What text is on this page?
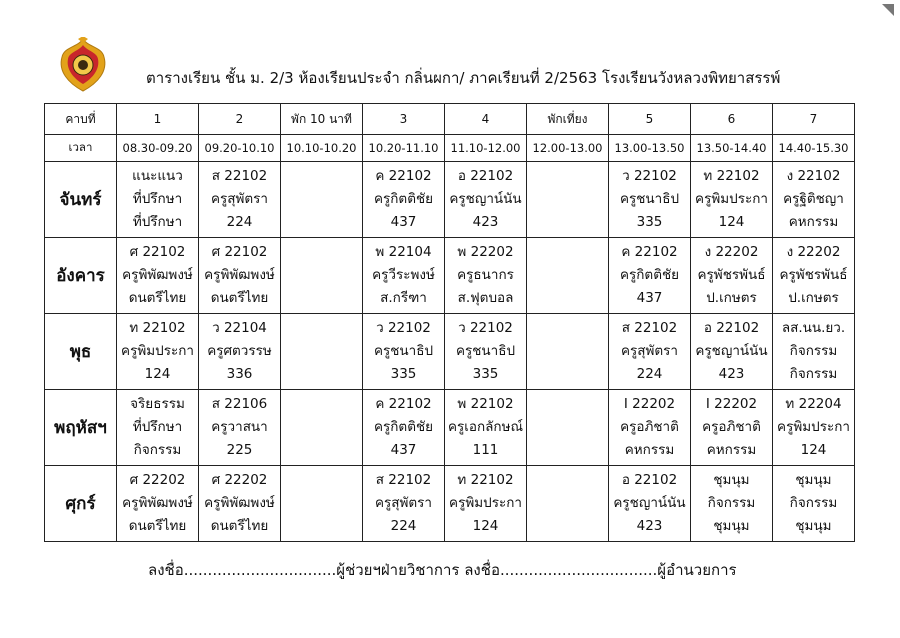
ตารางเรียน ชั้น ม. 2/3 ห้องเรียนประจำ กลิ่นผกา/ ภาคเรียนที่ 2/2563 โรงเรียนวังหลวงพิทยาสรรพ์
คาบที่	1	2	พัก 10 นาที	3	4	พักเที่ยง	5	6	7
เวลา	08.30-09.20	09.20-10.10	10.10-10.20	10.20-11.10	11.10-12.00	12.00-13.00	13.00-13.50	13.50-14.40	14.40-15.30
จันทร์	แนะแนว
ที่ปรึกษา
ที่ปรึกษา	ส 22102
ครูสุพัตรา
224		ค 22102
ครูกิตติชัย
437	อ 22102
ครูชญาน์นัน
423		ว 22102
ครูชนาธิป
335	ท 22102
ครูพิมประกา
124	ง 22102
ครูฐิติชญา
คหกรรม

อังคาร	ศ 22102
ครูพิพัฒพงษ์
ดนตรีไทย	ศ 22102
ครูพิพัฒพงษ์
ดนตรีไทย		พ 22104
ครูวีระพงษ์
ส.กรีฑา	พ 22202
ครูธนากร
ส.ฟุตบอล		ค 22102
ครูกิตติชัย
437	ง 22202
ครูพัชรพันธ์
ป.เกษตร	ง 22202
ครูพัชรพันธ์
ป.เกษตร

พุธ	ท 22102
ครูพิมประกา
124	ว 22104
ครูศตวรรษ
336		ว 22102
ครูชนาธิป
335	ว 22102
ครูชนาธิป
335		ส 22102
ครูสุพัตรา
224	อ 22102
ครูชญาน์นัน
423	ลส.นน.ยว.
กิจกรรม
กิจกรรม

พฤหัสฯ	จริยธรรม
ที่ปรึกษา
กิจกรรม	ส 22106
ครูวาสนา
225		ค 22102
ครูกิตติชัย
437	พ 22102
ครูเอกลักษณ์
111		I 22202
ครูอภิชาติ
คหกรรม	I 22202
ครูอภิชาติ
คหกรรม	ท 22204
ครูพิมประกา
124

ศุกร์	ศ 22202
ครูพิพัฒพงษ์
ดนตรีไทย	ศ 22202
ครูพิพัฒพงษ์
ดนตรีไทย		ส 22102
ครูสุพัตรา
224	ท 22102
ครูพิมประกา
124		อ 22102
ครูชญาน์นัน
423	ชุมนุม
กิจกรรม
ชุมนุม	ชุมนุม
กิจกรรม
ชุมนุม
ลงชื่อ................................ผู้ช่วยฯฝ่ายวิชาการ ลงชื่อ.................................ผู้อำนวยการ
